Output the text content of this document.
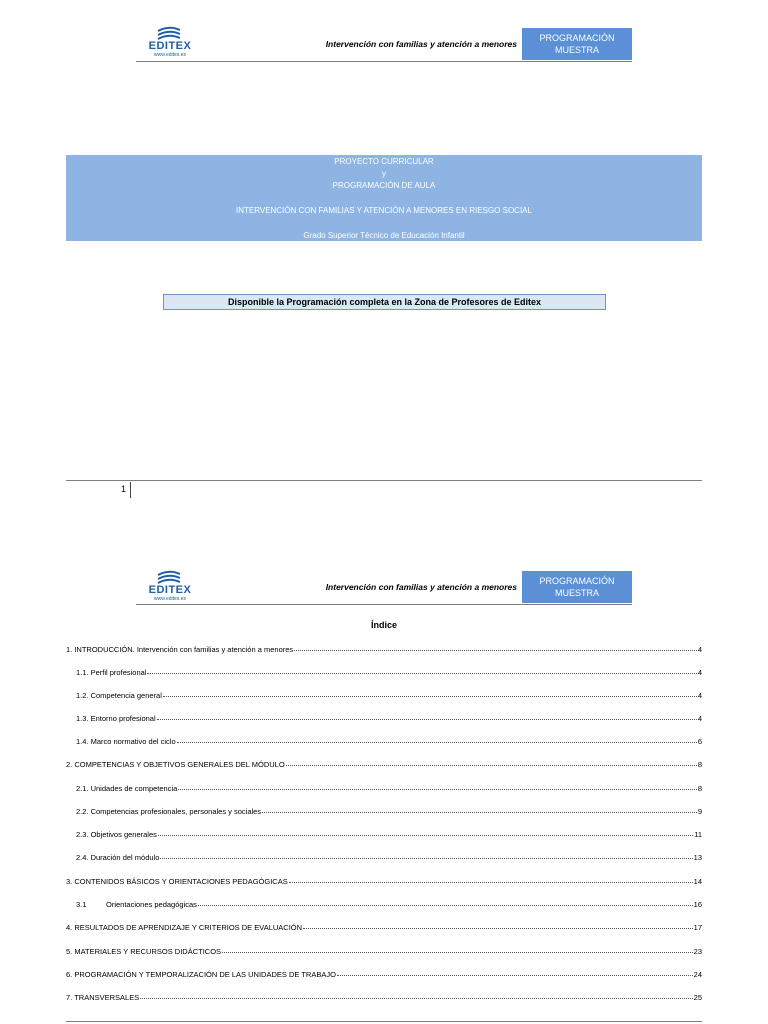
EDITEX
www.editex.es
Intervención con familias y atención a menores
PROGRAMACIÓN
MUESTRA
PROYECTO CURRICULAR
y
PROGRAMACIÓN DE AULA
INTERVENCIÓN CON FAMILIAS Y ATENCIÓN A MENORES EN RIESGO SOCIAL
Grado Superior Técnico de Educación Infantil
Disponible la Programación completa en la Zona de Profesores de Editex
1
EDITEX
www.editex.es
Intervención con familias y atención a menores
PROGRAMACIÓN
MUESTRA
Índice
1. INTRODUCCIÓN. Intervención con familias y atención a menores	4
1.1. Perfil profesional	4
1.2. Competencia general	4
1.3. Entorno profesional	4
1.4. Marco normativo del ciclo	6
2. COMPETENCIAS Y OBJETIVOS GENERALES DEL MÓDULO	8
2.1. Unidades de competencia	8
2.2. Competencias profesionales, personales y sociales	9
2.3. Objetivos generales	11
2.4. Duración del módulo	13
3. CONTENIDOS BÁSICOS Y ORIENTACIONES PEDAGÓGICAS	14
3.1	Orientaciones pedagógicas	16
4. RESULTADOS DE APRENDIZAJE Y CRITERIOS DE EVALUACIÓN	17
5. MATERIALES Y RECURSOS DIDÁCTICOS	23
6. PROGRAMACIÓN Y TEMPORALIZACIÓN DE LAS UNIDADES DE TRABAJO	24
7. TRANSVERSALES	25
